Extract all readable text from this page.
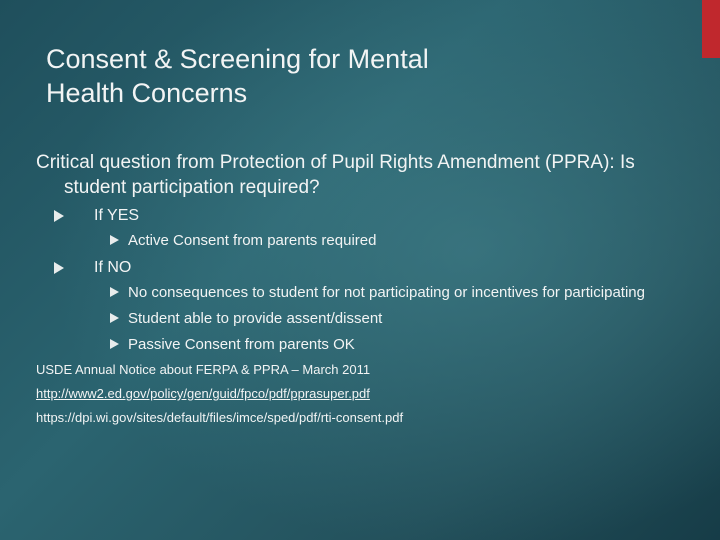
Consent & Screening for Mental
Health Concerns

Critical question from Protection of Pupil Rights Amendment (PPRA): Is student participation required?

If YES
Active Consent from parents required
If NO
No consequences to student for not participating or incentives for participating
Student able to provide assent/dissent
Passive Consent from parents OK

USDE Annual Notice about FERPA & PPRA – March 2011

http://www2.ed.gov/policy/gen/guid/fpco/pdf/pprasuper.pdf

https://dpi.wi.gov/sites/default/files/imce/sped/pdf/rti-consent.pdf
